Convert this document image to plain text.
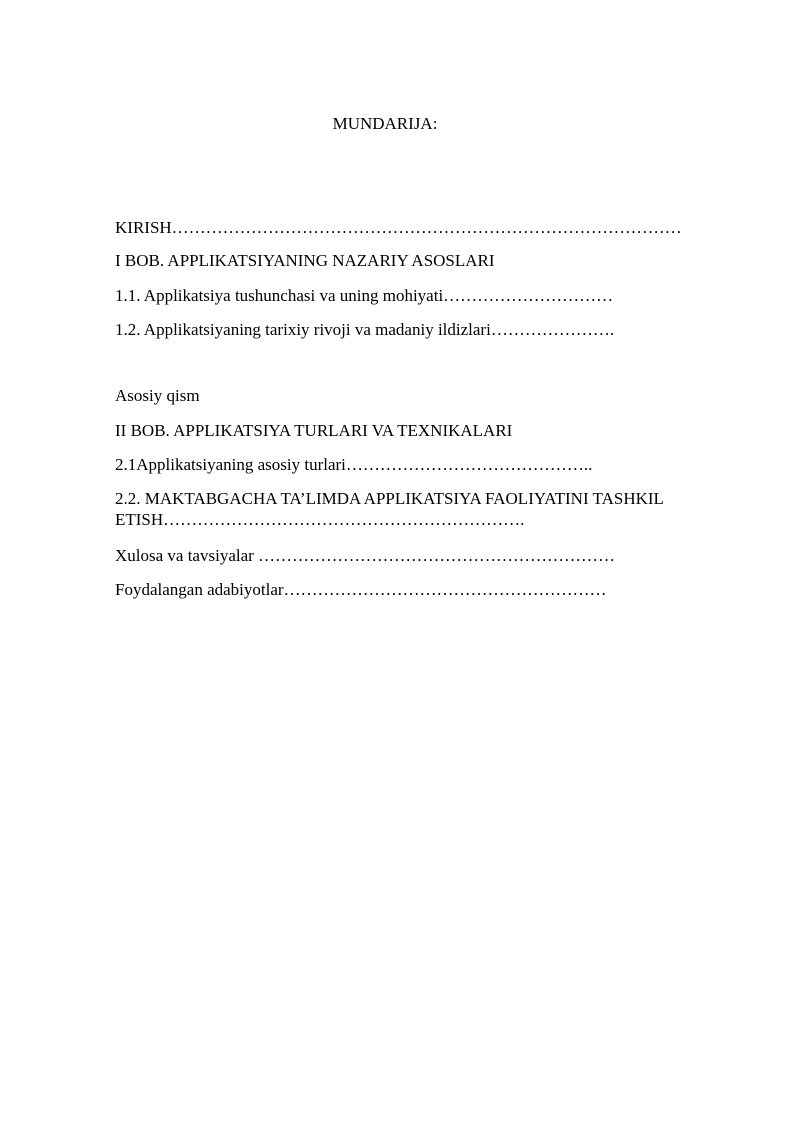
MUNDARIJA:
KIRISH………………………………………………………………………………
I BOB. APPLIKATSIYANING NAZARIY ASOSLARI
1.1. Applikatsiya tushunchasi va uning mohiyati…………………………
1.2. Applikatsiyaning tarixiy rivoji va madaniy ildizlari………………….
Asosiy qism
II BOB. APPLIKATSIYA TURLARI VA TEXNIKALARI
2.1Applikatsiyaning asosiy turlari……………………………………..
2.2. MAKTABGACHA TA’LIMDA APPLIKATSIYA FAOLIYATINI TASHKIL ETISH……………………………………………………….
Xulosa va tavsiyalar ………………………………………………………
Foydalangan adabiyotlar…………………………………………………
